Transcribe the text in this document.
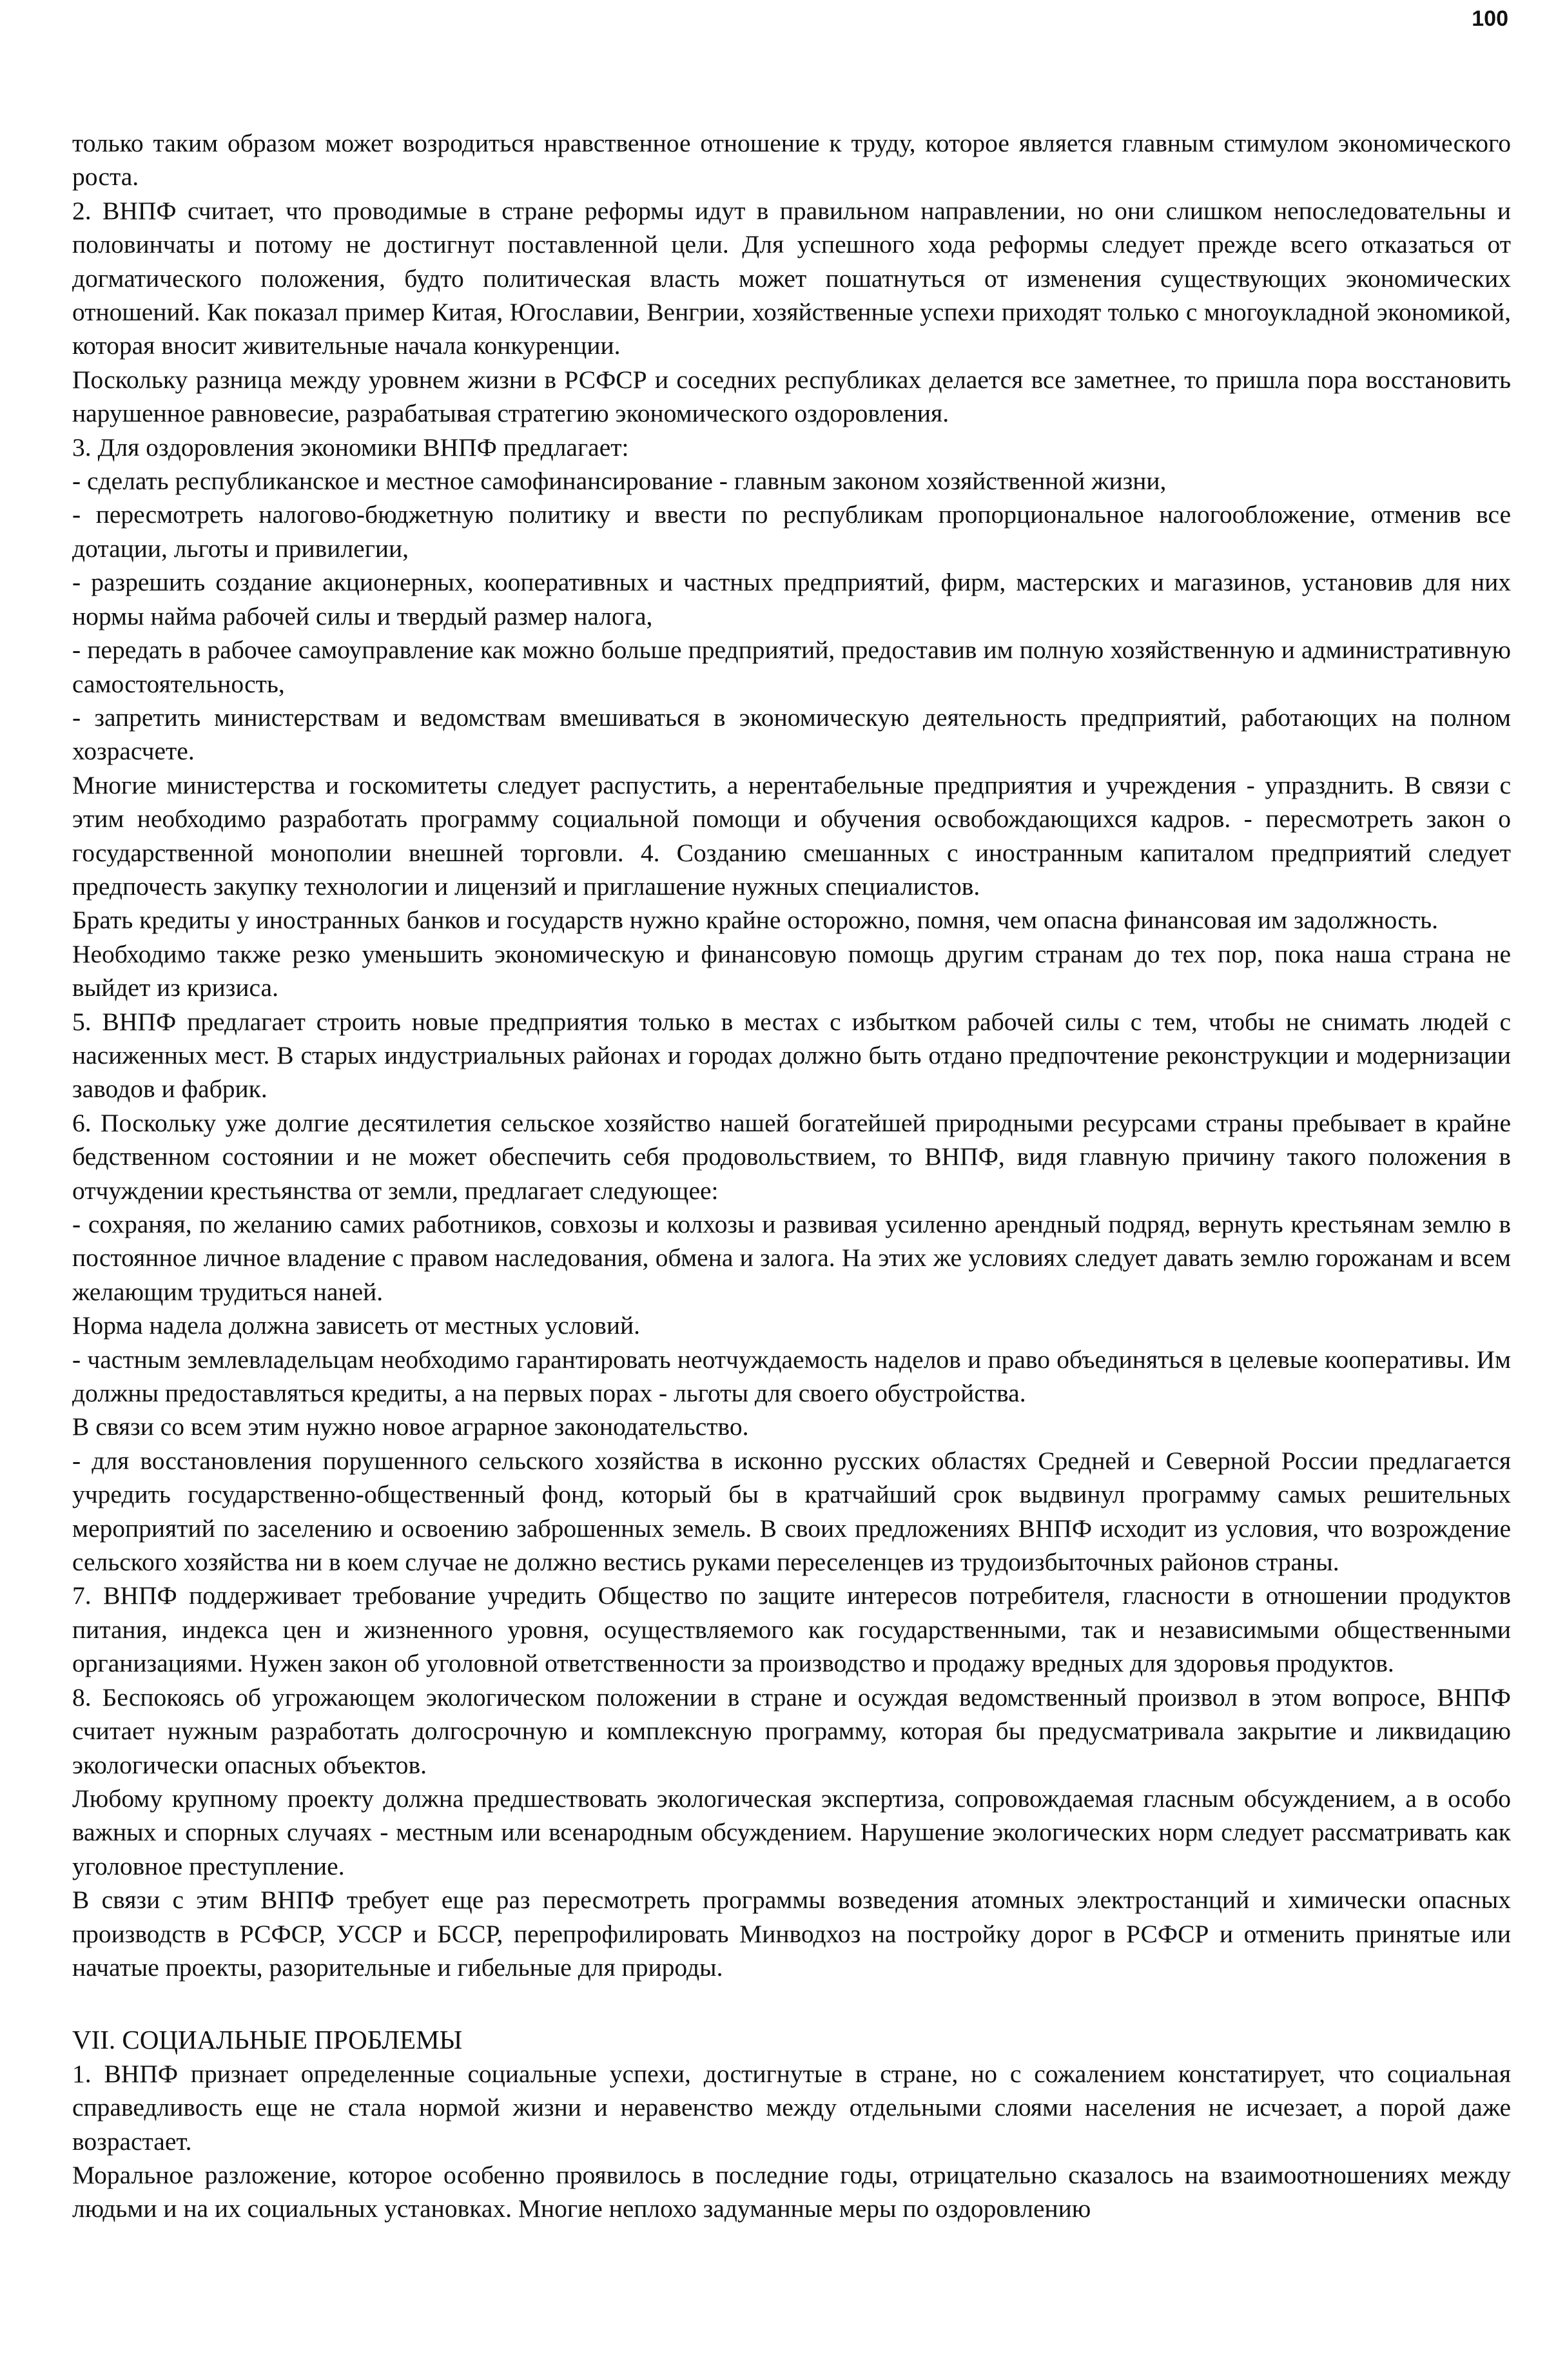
100

только таким образом может возродиться нравственное отношение к труду, которое является главным стимулом экономического роста.

2. ВНПФ считает, что проводимые в стране реформы идут в правильном направлении, но они слишком непоследовательны и половинчаты и потому не достигнут поставленной цели. Для успешного хода реформы следует прежде всего отказаться от догматического положения, будто политическая власть может пошатнуться от изменения существующих экономических отношений. Как показал пример Китая, Югославии, Венгрии, хозяйственные успехи приходят только с многоукладной экономикой, которая вносит живительные начала конкуренции.

Поскольку разница между уровнем жизни в РСФСР и соседних республиках делается все заметнее, то пришла пора восстановить нарушенное равновесие, разрабатывая стратегию экономического оздоровления.

3. Для оздоровления экономики ВНПФ предлагает:

- сделать республиканское и местное самофинансирование - главным законом хозяйственной жизни,

- пересмотреть налогово-бюджетную политику и ввести по республикам пропорциональное налогообложение, отменив все дотации, льготы и привилегии,

- разрешить создание акционерных, кооперативных и частных предприятий, фирм, мастерских и магазинов, установив для них нормы найма рабочей силы и твердый размер налога,

- передать в рабочее самоуправление как можно больше предприятий, предоставив им полную хозяйственную и административную самостоятельность,

- запретить министерствам и ведомствам вмешиваться в экономическую деятельность предприятий, работающих на полном хозрасчете.

Многие министерства и госкомитеты следует распустить, а нерентабельные предприятия и учреждения - упразднить. В связи с этим необходимо разработать программу социальной помощи и обучения освобождающихся кадров. - пересмотреть закон о государственной монополии внешней торговли. 4. Созданию смешанных с иностранным капиталом предприятий следует предпочесть закупку технологии и лицензий и приглашение нужных специалистов.

Брать кредиты у иностранных банков и государств нужно крайне осторожно, помня, чем опасна финансовая им задолжность.

Необходимо также резко уменьшить экономическую и финансовую помощь другим странам до тех пор, пока наша страна не выйдет из кризиса.

5. ВНПФ предлагает строить новые предприятия только в местах с избытком рабочей силы с тем, чтобы не снимать людей с насиженных мест. В старых индустриальных районах и городах должно быть отдано предпочтение реконструкции и модернизации заводов и фабрик.

6. Поскольку уже долгие десятилетия сельское хозяйство нашей богатейшей природными ресурсами страны пребывает в крайне бедственном состоянии и не может обеспечить себя продовольствием, то ВНПФ, видя главную причину такого положения в отчуждении крестьянства от земли, предлагает следующее:

- сохраняя, по желанию самих работников, совхозы и колхозы и развивая усиленно арендный подряд, вернуть крестьянам землю в постоянное личное владение с правом наследования, обмена и залога. На этих же условиях следует давать землю горожанам и всем желающим трудиться наней.

Норма надела должна зависеть от местных условий.

- частным землевладельцам необходимо гарантировать неотчуждаемость наделов и право объединяться в целевые кооперативы. Им должны предоставляться кредиты, а на первых порах - льготы для своего обустройства.

В связи со всем этим нужно новое аграрное законодательство.

- для восстановления порушенного сельского хозяйства в исконно русских областях Средней и Северной России предлагается учредить государственно-общественный фонд, который бы в кратчайший срок выдвинул программу самых решительных мероприятий по заселению и освоению заброшенных земель. В своих предложениях ВНПФ исходит из условия, что возрождение сельского хозяйства ни в коем случае не должно вестись руками переселенцев из трудоизбыточных районов страны.

7. ВНПФ поддерживает требование учредить Общество по защите интересов потребителя, гласности в отношении продуктов питания, индекса цен и жизненного уровня, осуществляемого как государственными, так и независимыми общественными организациями. Нужен закон об уголовной ответственности за производство и продажу вредных для здоровья продуктов.

8. Беспокоясь об угрожающем экологическом положении в стране и осуждая ведомственный произвол в этом вопросе, ВНПФ считает нужным разработать долгосрочную и комплексную программу, которая бы предусматривала закрытие и ликвидацию экологически опасных объектов.

Любому крупному проекту должна предшествовать экологическая экспертиза, сопровождаемая гласным обсуждением, а в особо важных и спорных случаях - местным или всенародным обсуждением. Нарушение экологических норм следует рассматривать как уголовное преступление.

В связи с этим ВНПФ требует еще раз пересмотреть программы возведения атомных электростанций и химически опасных производств в РСФСР, УССР и БССР, перепрофилировать Минводхоз на постройку дорог в РСФСР и отменить принятые или начатые проекты, разорительные и гибельные для природы.

VII. СОЦИАЛЬНЫЕ ПРОБЛЕМЫ

1. ВНПФ признает определенные социальные успехи, достигнутые в стране, но с сожалением констатирует, что социальная справедливость еще не стала нормой жизни и неравенство между отдельными слоями населения не исчезает, а порой даже возрастает.

Моральное разложение, которое особенно проявилось в последние годы, отрицательно сказалось на взаимоотношениях между людьми и на их социальных установках. Многие неплохо задуманные меры по оздоровлению
